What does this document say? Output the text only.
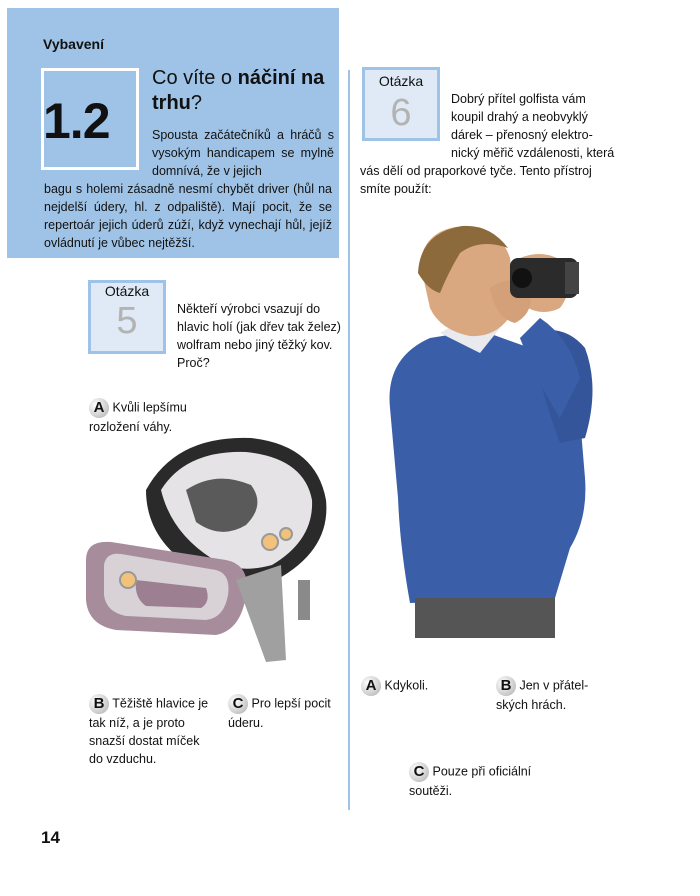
Vybavení
1.2
Co víte o náčiní na trhu?
Spousta začátečníků a hráčů s vysokým handicapem se mylně domnívá, že v jejich
bagu s holemi zásadně nesmí chybět driver (hůl na nejdelší údery, hl. z odpaliště). Mají pocit, že se repertoár jejich úderů zúží, když vynechají hůl, jejíž ovládnutí je vůbec nejtěžší.
Otázka
5	Někteří výrobci vsazují do hlavic holí (jak dřev tak želez) wolfram nebo jiný těžký kov. Proč?
A Kvůli lepšímu rozložení váhy.
B Těžiště hlavice je tak níž, a je proto snazší dostat míček do vzduchu.
C Pro lepší pocit úderu.
Otázka
6	Dobrý přítel golfista vám koupil drahý a neobvyklý dárek – přenosný elektro-nický měřič vzdálenosti, která
vás dělí od praporkové tyče. Tento přístroj smíte použít:
A Kdykoli.	B Jen v přátel-ských hrách.
C Pouze při oficiální soutěži.
14
